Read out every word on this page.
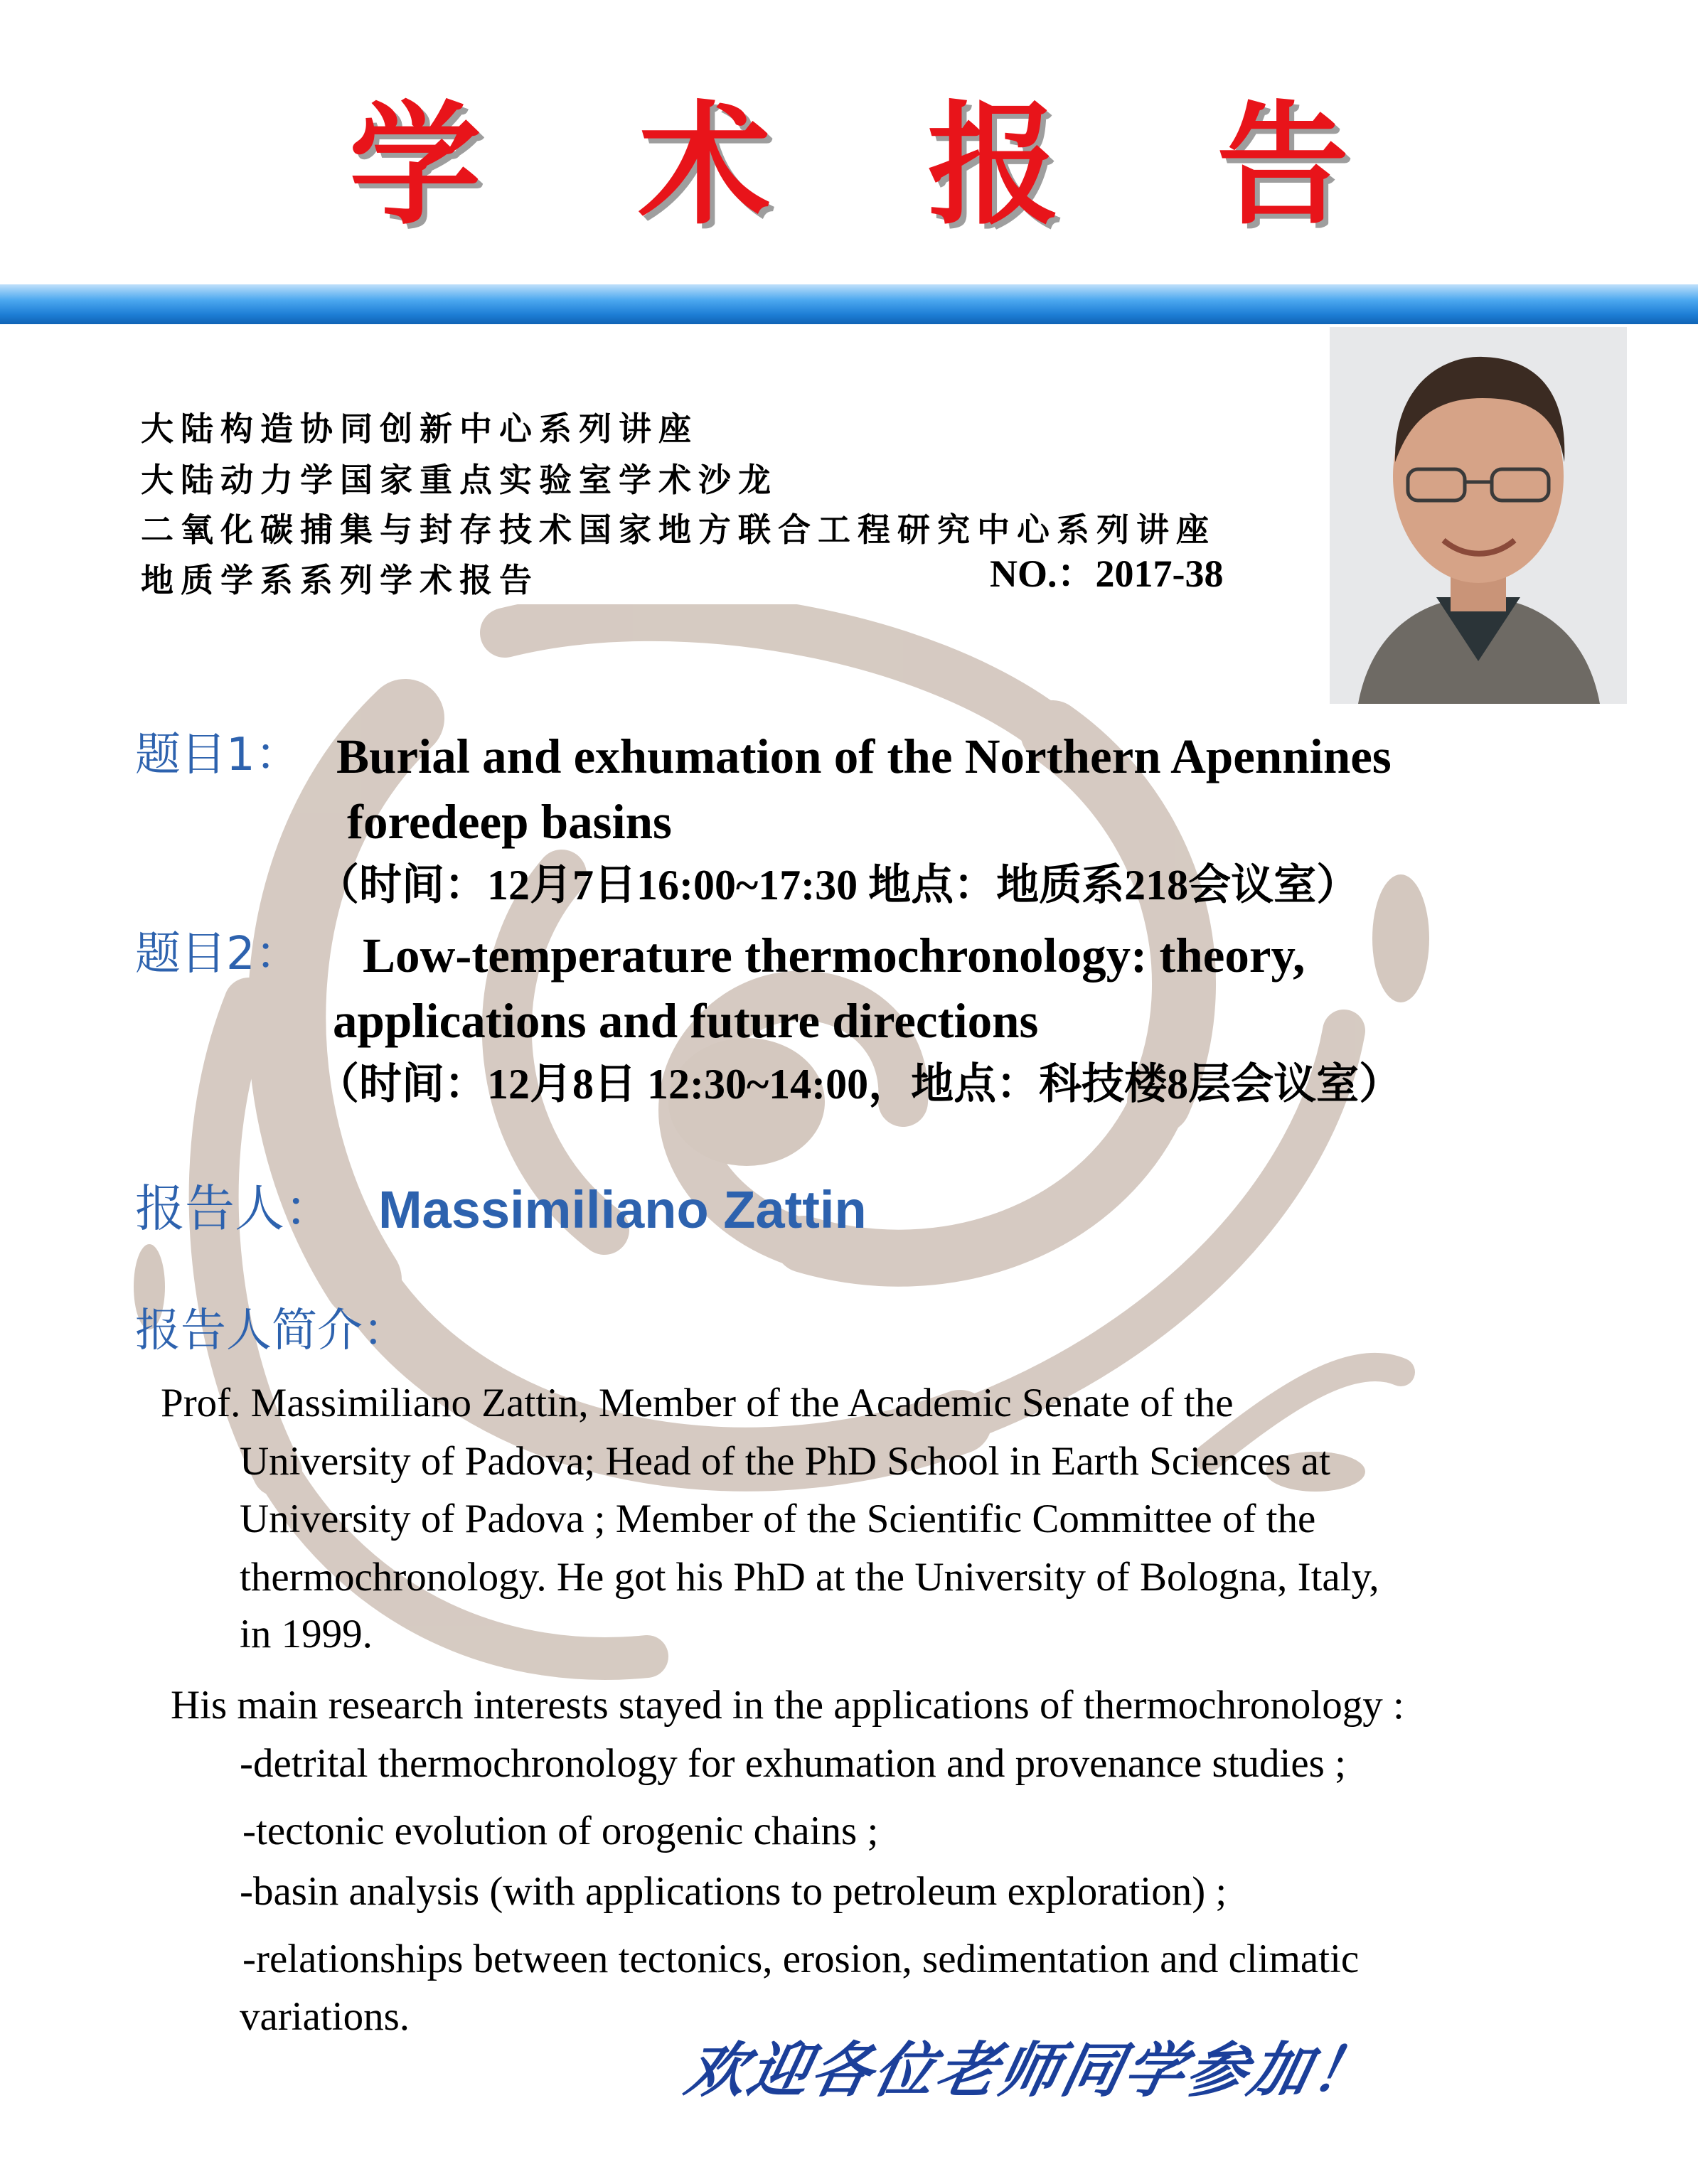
学 术 报 告
大陆构造协同创新中心系列讲座
大陆动力学国家重点实验室学术沙龙
二氧化碳捕集与封存技术国家地方联合工程研究中心系列讲座
地质学系系列学术报告	NO.：2017-38
题目1： Burial and exhumation of the Northern Apennines
foredeep basins
（时间：12月7日16:00~17:30 地点：地质系218会议室）
题目2： Low-temperature thermochronology: theory,
applications and future directions
（时间：12月8日 12:30~14:00，地点：科技楼8层会议室）
报告人： Massimiliano Zattin
报告人简介：
Prof. Massimiliano Zattin, Member of the Academic Senate of the
University of Padova; Head of the PhD School in Earth Sciences at
University of Padova ; Member of the Scientific Committee of the
thermochronology. He got his PhD at the University of Bologna, Italy,
in 1999.
His main research interests stayed in the applications of thermochronology :
-detrital thermochronology for exhumation and provenance studies ;
-tectonic evolution of orogenic chains ;
-basin analysis (with applications to petroleum exploration) ;
-relationships between tectonics, erosion, sedimentation and climatic
variations.
欢迎各位老师同学参加！
